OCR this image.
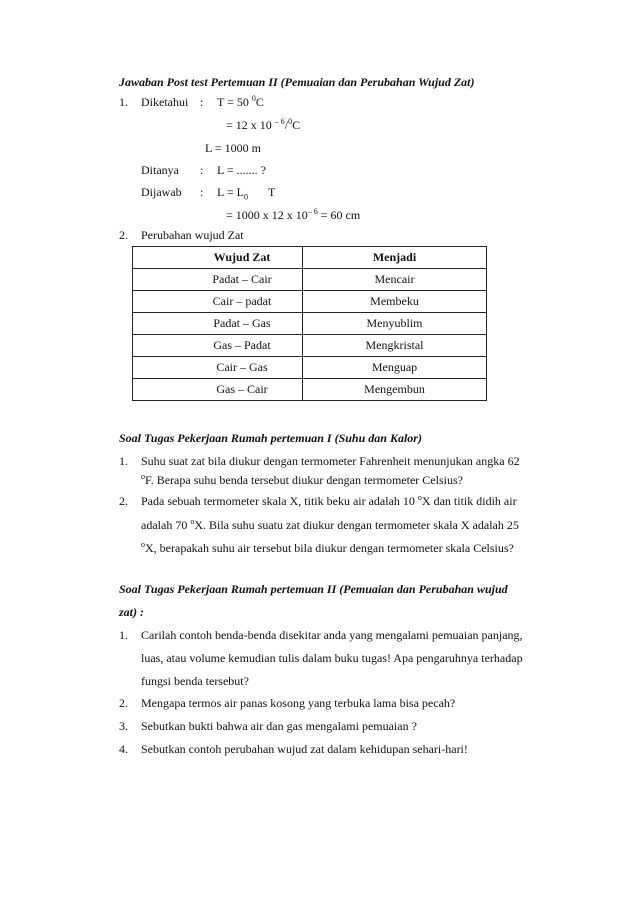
Jawaban Post test Pertemuan II (Pemuaian dan Perubahan Wujud Zat)
1. Diketahui : T = 50 $^0$C
= 12 x 10 $^{- 6}$/$^0$C
L = 1000 m
Ditanya : L = ....... ?
Dijawab : $L = L_0$ T
= 1000 x 12 x $10^{- 6} = 60$ cm
2. Perubahan wujud Zat
	Wujud Zat	Menjadi
	Padat – Cair	Mencair
	Cair – padat	Membeku
	Padat – Gas	Menyublim
	Gas – Padat	Mengkristal
	Cair – Gas	Menguap
	Gas – Cair	Mengembun
Soal Tugas Pekerjaan Rumah pertemuan I (Suhu dan Kalor)
1. Suhu suat zat bila diukur dengan termometer Fahrenheit menunjukan angka 62
$^o$F. Berapa suhu benda tersebut diukur dengan termometer Celsius?
2. Pada sebuah termometer skala X, titik beku air adalah 10 $^o$X dan titik didih air
adalah 70 $^o$X. Bila suhu suatu zat diukur dengan termometer skala X adalah 25
$^o$X, berapakah suhu air tersebut bila diukur dengan termometer skala Celsius?
Soal Tugas Pekerjaan Rumah pertemuan II (Pemuaian dan Perubahan wujud
zat) :
1. Carilah contoh benda-benda disekitar anda yang mengalami pemuaian panjang,
luas, atau volume kemudian tulis dalam buku tugas! Apa pengaruhnya terhadap
fungsi benda tersebut?
2. Mengapa termos air panas kosong yang terbuka lama bisa pecah?
3. Sebutkan bukti bahwa air dan gas mengalami pemuaian ?
4. Sebutkan contoh perubahan wujud zat dalam kehidupan sehari-hari!
